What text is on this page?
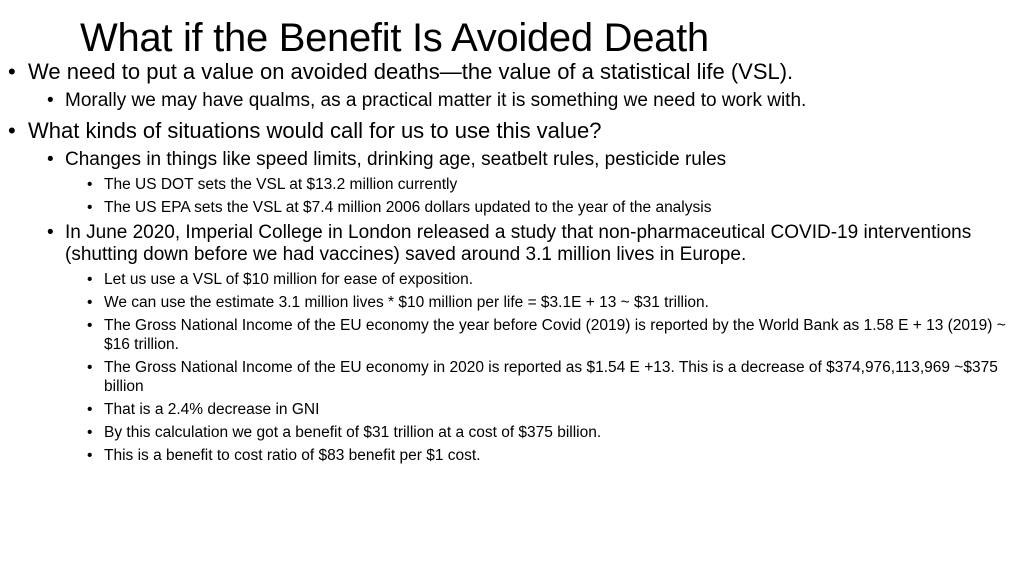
What if the Benefit Is Avoided Death
• We need to put a value on avoided deaths—the value of a statistical life (VSL).
• Morally we may have qualms, as a practical matter it is something we need to work with.
• What kinds of situations would call for us to use this value?
• Changes in things like speed limits, drinking age, seatbelt rules, pesticide rules
• The US DOT sets the VSL at $13.2 million currently
• The US EPA sets the VSL at $7.4 million 2006 dollars updated to the year of the analysis
• In June 2020, Imperial College in London released a study that non-pharmaceutical COVID-19 interventions (shutting down before we had vaccines) saved around 3.1 million lives in Europe.
• Let us use a VSL of $10 million for ease of exposition.
• We can use the estimate 3.1 million lives * $10 million per life = $3.1E + 13 ~ $31 trillion.
• The Gross National Income of the EU economy the year before Covid (2019) is reported by the World Bank as 1.58 E + 13 (2019) ~ $16 trillion.
• The Gross National Income of the EU economy in 2020 is reported as $1.54 E +13. This is a decrease of $374,976,113,969 ~$375 billion
• That is a 2.4% decrease in GNI
• By this calculation we got a benefit of $31 trillion at a cost of $375 billion.
• This is a benefit to cost ratio of $83 benefit per $1 cost.
